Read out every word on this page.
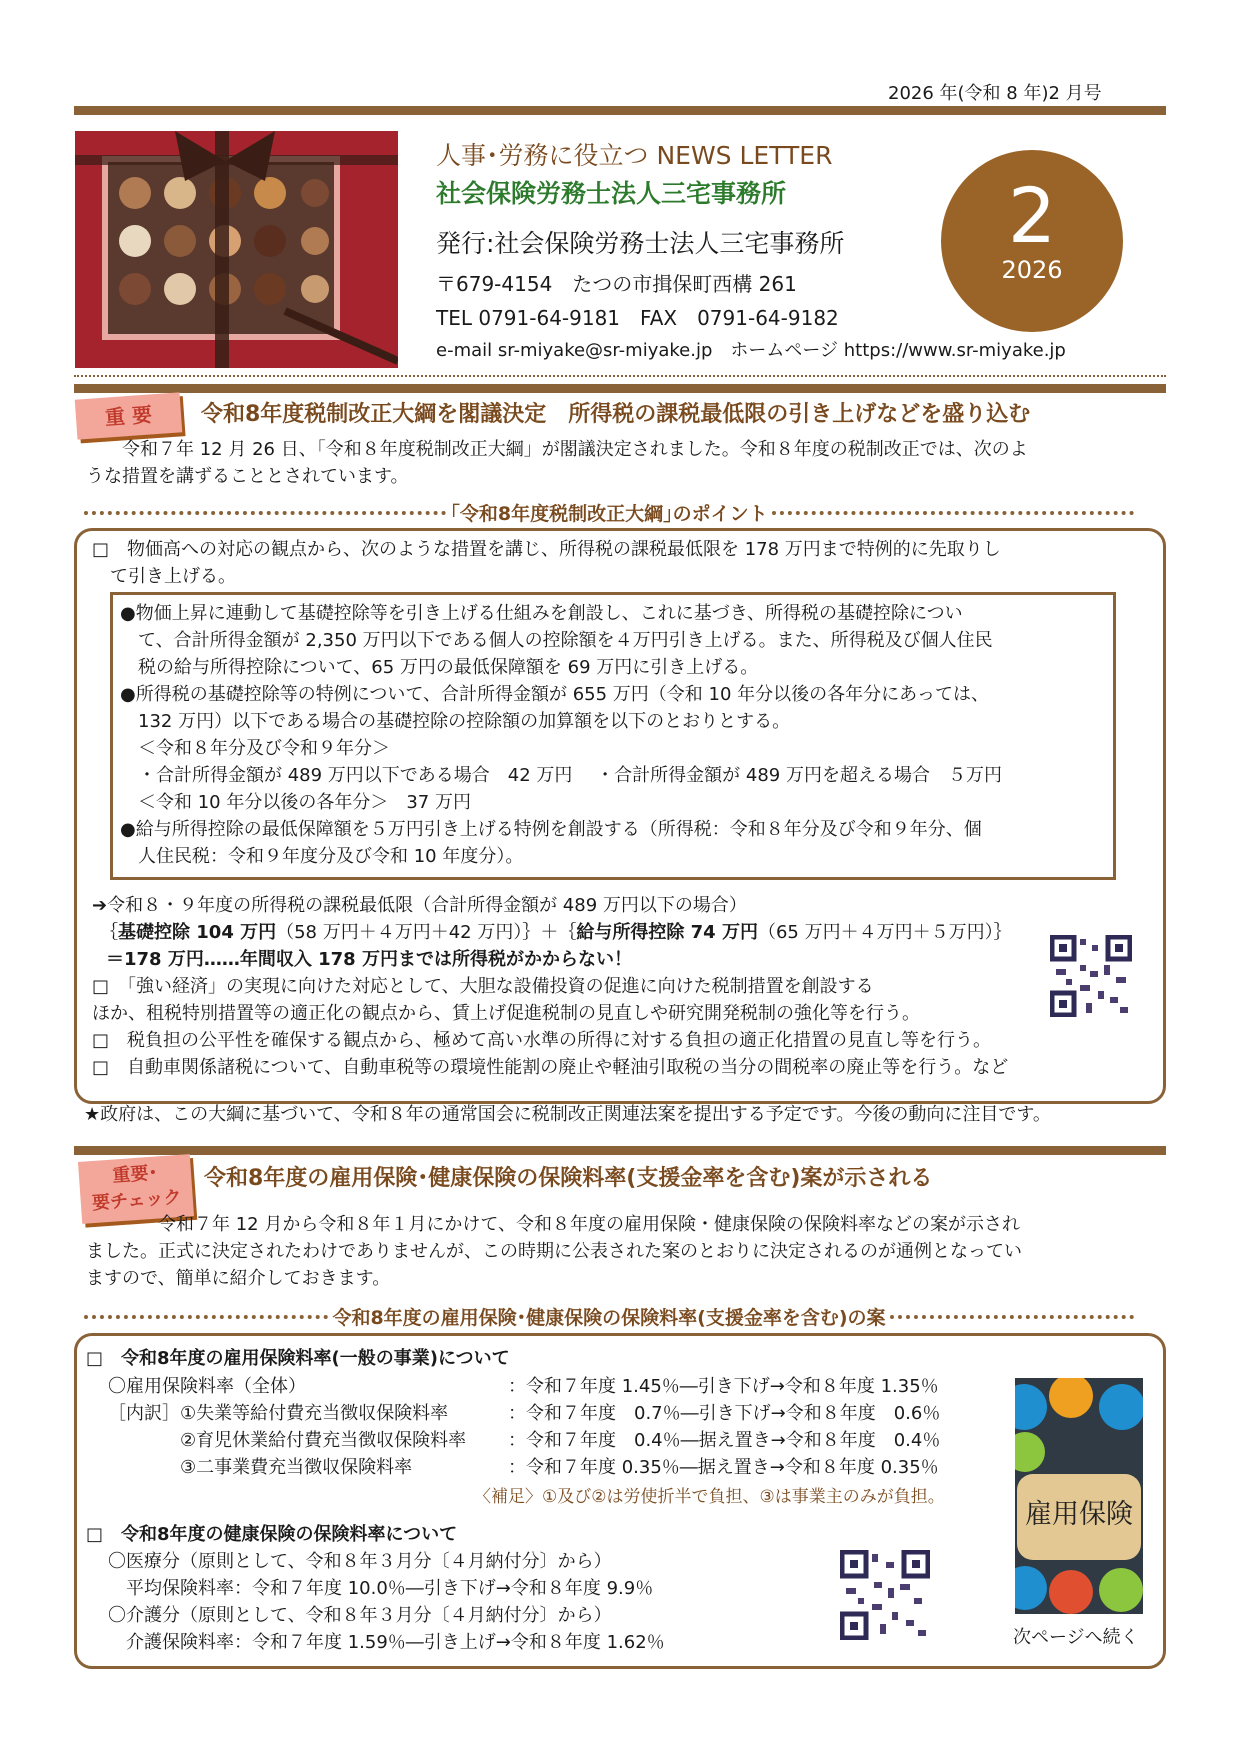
2026 年(令和 8 年)2 月号
人事･労務に役立つ NEWS LETTER
社会保険労務士法人三宅事務所
発行:社会保険労務士法人三宅事務所
〒679-4154　たつの市揖保町西構 261
TEL 0791-64-9181　FAX　0791-64-9182
e-mail sr-miyake@sr-miyake.jp　ホームページ https://www.sr-miyake.jp
2
2026
重 要	令和8年度税制改正大綱を閣議決定　所得税の課税最低限の引き上げなどを盛り込む
　　令和７年 12 月 26 日、「令和８年度税制改正大綱」が閣議決定されました。令和８年度の税制改正では、次のよ
うな措置を講ずることとされています。
｢令和8年度税制改正大綱｣のポイント
□　物価高への対応の観点から、次のような措置を講じ、所得税の課税最低限を 178 万円まで特例的に先取りし
　て引き上げる。
●物価上昇に連動して基礎控除等を引き上げる仕組みを創設し、これに基づき、所得税の基礎控除につい
　て、合計所得金額が 2,350 万円以下である個人の控除額を４万円引き上げる。また、所得税及び個人住民
　税の給与所得控除について、65 万円の最低保障額を 69 万円に引き上げる。
●所得税の基礎控除等の特例について、合計所得金額が 655 万円（令和 10 年分以後の各年分にあっては、
　132 万円）以下である場合の基礎控除の控除額の加算額を以下のとおりとする。
　＜令和８年分及び令和９年分＞
　・合計所得金額が 489 万円以下である場合　42 万円　 ・合計所得金額が 489 万円を超える場合　５万円
　＜令和 10 年分以後の各年分＞　37 万円
●給与所得控除の最低保障額を５万円引き上げる特例を創設する（所得税：令和８年分及び令和９年分、個
　人住民税：令和９年度分及び令和 10 年度分）。
➔令和８・９年度の所得税の課税最低限（合計所得金額が 489 万円以下の場合）
｛基礎控除 104 万円（58 万円＋４万円＋42 万円）｝＋｛給与所得控除 74 万円（65 万円＋４万円＋５万円）｝
＝178 万円……年間収入 178 万円までは所得税がかからない！
□　「強い経済」の実現に向けた対応として、大胆な設備投資の促進に向けた税制措置を創設する
ほか、租税特別措置等の適正化の観点から、賃上げ促進税制の見直しや研究開発税制の強化等を行う。
□　税負担の公平性を確保する観点から、極めて高い水準の所得に対する負担の適正化措置の見直し等を行う。
□　自動車関係諸税について、自動車税等の環境性能割の廃止や軽油引取税の当分の間税率の廃止等を行う。など
★政府は、この大綱に基づいて、令和８年の通常国会に税制改正関連法案を提出する予定です。今後の動向に注目です。
重要･
要チェック
令和8年度の雇用保険･健康保険の保険料率(支援金率を含む)案が示される
　　　　令和７年 12 月から令和８年１月にかけて、令和８年度の雇用保険・健康保険の保険料率などの案が示され
ました。正式に決定されたわけでありませんが、この時期に公表された案のとおりに決定されるのが通例となってい
ますので、簡単に紹介しておきます。
令和8年度の雇用保険･健康保険の保険料率(支援金率を含む)の案
□　令和8年度の雇用保険料率(一般の事業)について
〇雇用保険料率（全体）	：令和７年度 1.45％―引き下げ→令和８年度 1.35％
［内訳］①失業等給付費充当徴収保険料率	：令和７年度　0.7％―引き下げ→令和８年度　0.6％
　　　　②育児休業給付費充当徴収保険料率	：令和７年度　0.4％―据え置き→令和８年度　0.4％
　　　　③二事業費充当徴収保険料率	：令和７年度 0.35％―据え置き→令和８年度 0.35％
〈補足〉①及び②は労使折半で負担、③は事業主のみが負担。
□　令和8年度の健康保険の保険料率について
〇医療分（原則として、令和８年３月分〔４月納付分〕から）
　平均保険料率：令和７年度 10.0％―引き下げ→令和８年度 9.9％
〇介護分（原則として、令和８年３月分〔４月納付分〕から）
　介護保険料率：令和７年度 1.59％―引き上げ→令和８年度 1.62％
雇用保険
次ページへ続く
